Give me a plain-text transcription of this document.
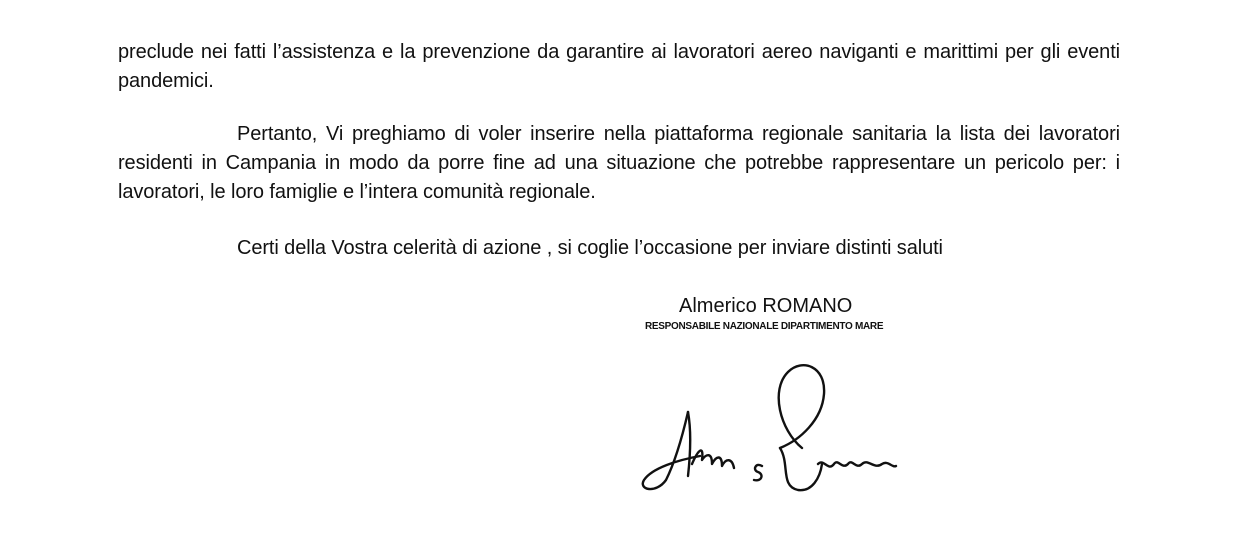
preclude nei fatti l’assistenza e la prevenzione da garantire ai lavoratori aereo naviganti e marittimi per gli eventi pandemici.

Pertanto, Vi preghiamo di voler inserire nella piattaforma regionale sanitaria la lista dei lavoratori residenti in Campania in modo da porre fine ad una situazione che potrebbe rappresentare un pericolo per: i lavoratori, le loro famiglie e l’intera comunità regionale.

Certi della Vostra celerità di azione , si coglie l’occasione per inviare distinti saluti

Almerico ROMANO
RESPONSABILE NAZIONALE DIPARTIMENTO MARE
